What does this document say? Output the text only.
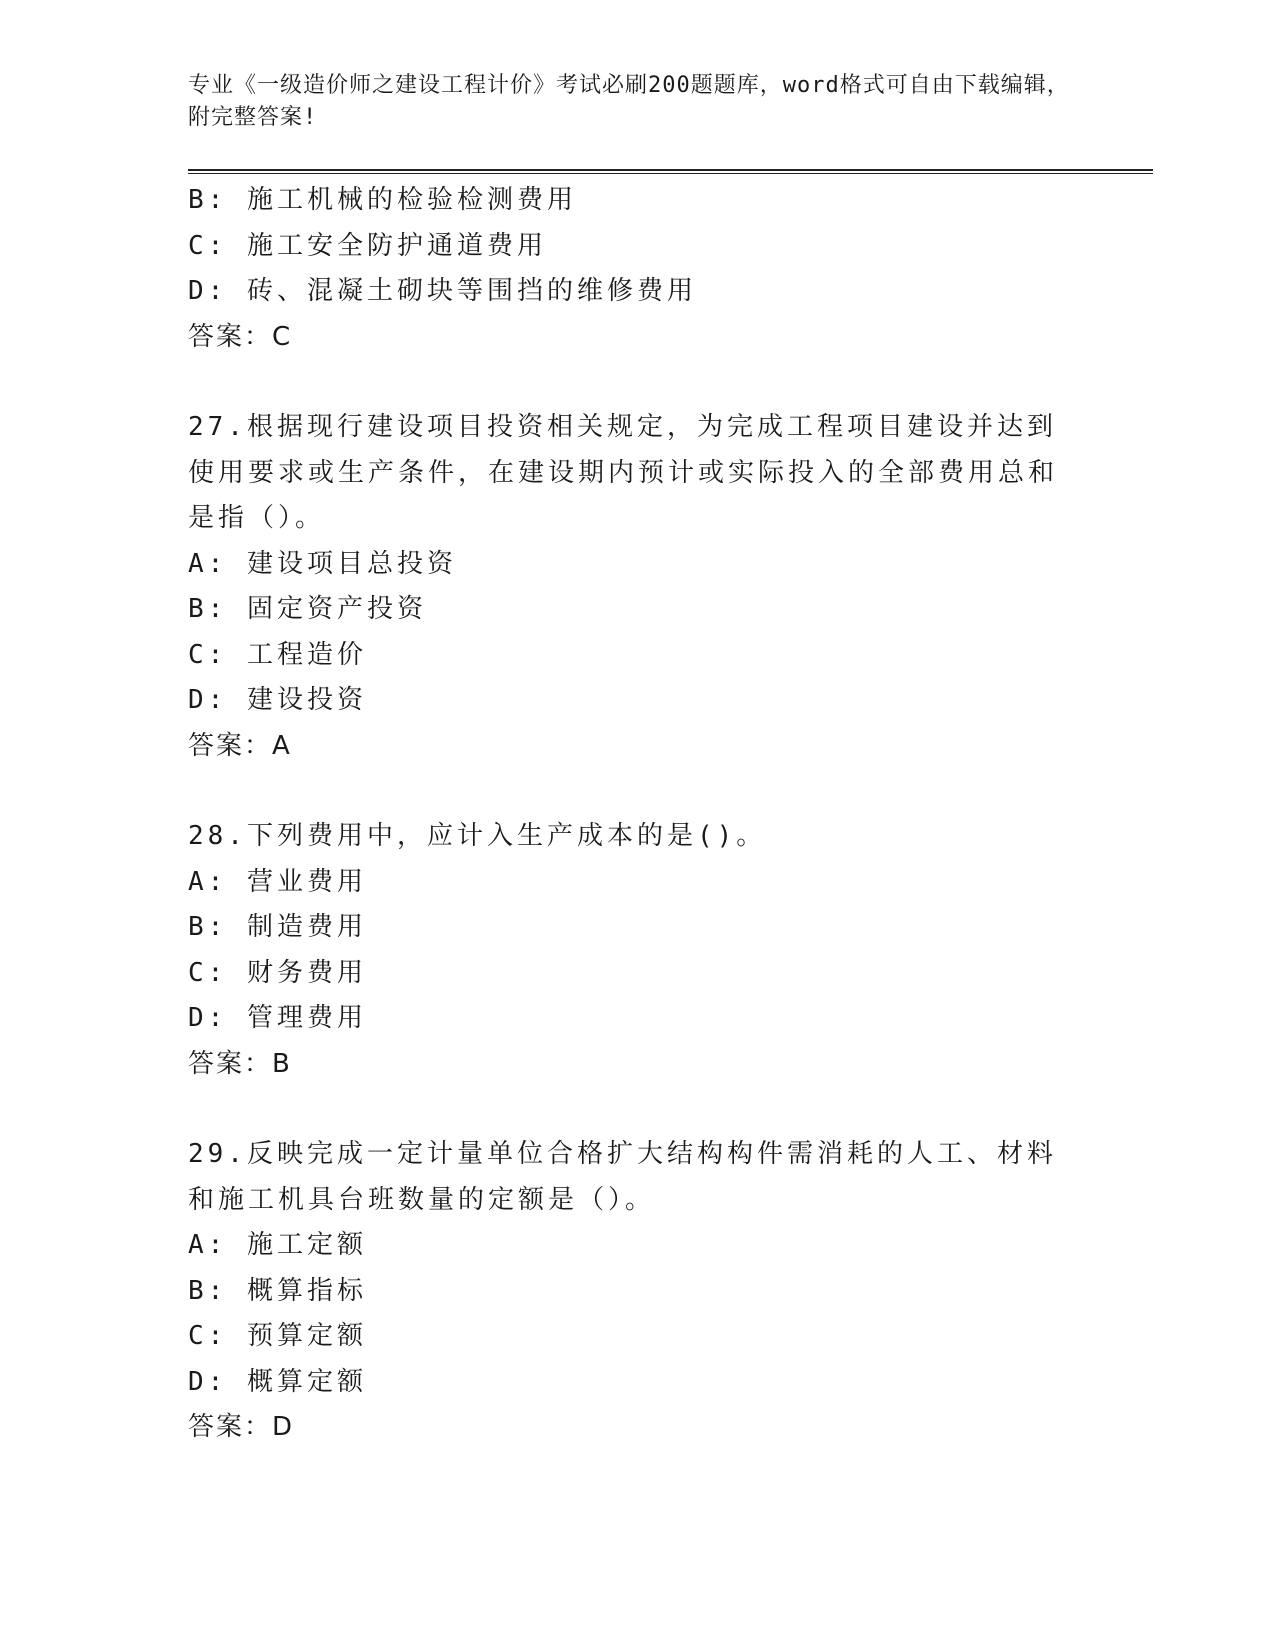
专业《一级造价师之建设工程计价》考试必刷200题题库，word格式可自由下载编辑，附完整答案!

B: 施工机械的检验检测费用
C: 施工安全防护通道费用
D: 砖、混凝土砌块等围挡的维修费用
答案：C

27.根据现行建设项目投资相关规定，为完成工程项目建设并达到使用要求或生产条件，在建设期内预计或实际投入的全部费用总和是指（）。

A: 建设项目总投资
B: 固定资产投资
C: 工程造价
D: 建设投资
答案：A

28.下列费用中，应计入生产成本的是()。

A: 营业费用
B: 制造费用
C: 财务费用
D: 管理费用
答案：B

29.反映完成一定计量单位合格扩大结构构件需消耗的人工、材料和施工机具台班数量的定额是（）。

A: 施工定额
B: 概算指标
C: 预算定额
D: 概算定额
答案：D
